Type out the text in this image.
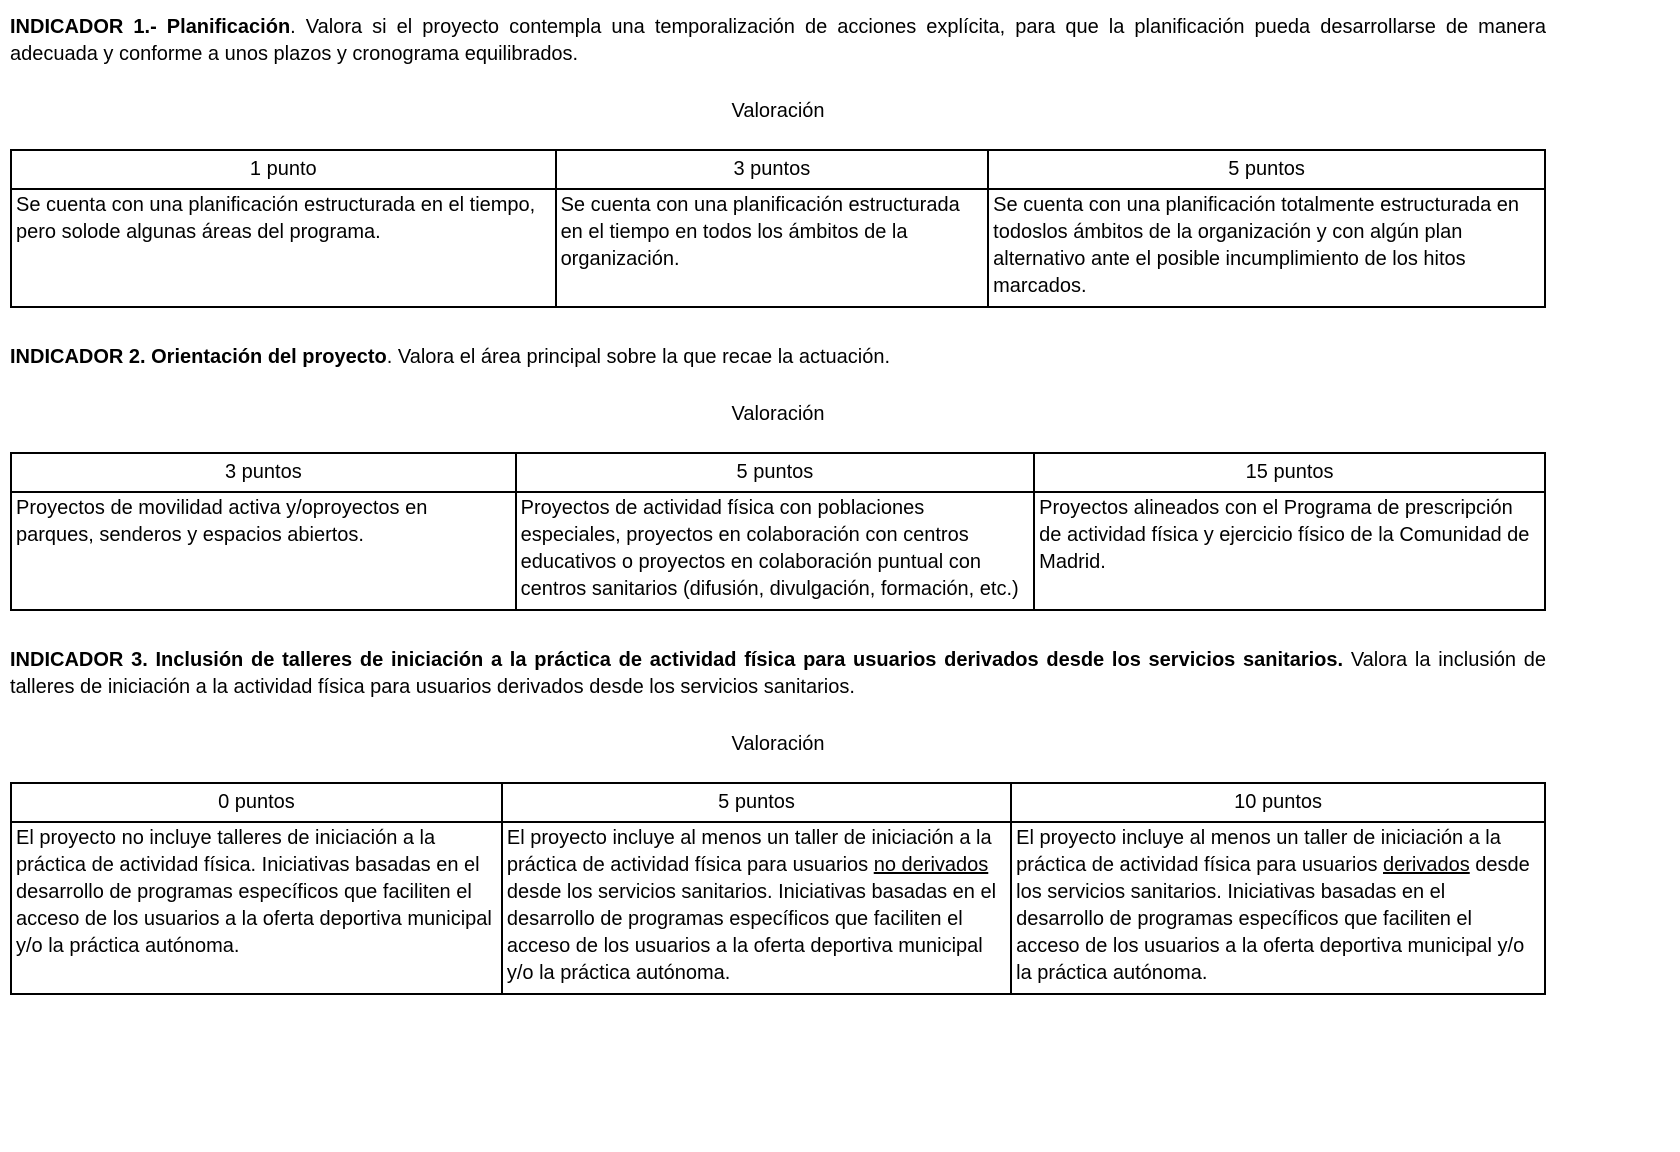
INDICADOR 1.- Planificación. Valora si el proyecto contempla una temporalización de acciones explícita, para que la planificación pueda desarrollarse de manera adecuada y conforme a unos plazos y cronograma equilibrados.

Valoración

1 punto	3 puntos	5 puntos
Se cuenta con una planificación estructurada en el tiempo, pero solode algunas áreas del programa.	Se cuenta con una planificación estructurada en el tiempo en todos los ámbitos de la organización.	Se cuenta con una planificación totalmente estructurada en todoslos ámbitos de la organización y con algún plan alternativo ante el posible incumplimiento de los hitos marcados.

INDICADOR 2. Orientación del proyecto. Valora el área principal sobre la que recae la actuación.

Valoración

3 puntos	5 puntos	15 puntos
Proyectos de movilidad activa y/oproyectos en parques, senderos y espacios abiertos.	Proyectos de actividad física con poblaciones especiales, proyectos en colaboración con centros educativos o proyectos en colaboración puntual con centros sanitarios (difusión, divulgación, formación, etc.)	Proyectos alineados con el Programa de prescripción de actividad física y ejercicio físico de la Comunidad de Madrid.

INDICADOR 3. Inclusión de talleres de iniciación a la práctica de actividad física para usuarios derivados desde los servicios sanitarios. Valora la inclusión de talleres de iniciación a la actividad física para usuarios derivados desde los servicios sanitarios.

Valoración

0 puntos	5 puntos	10 puntos
El proyecto no incluye talleres de iniciación a la práctica de actividad física. Iniciativas basadas en el desarrollo de programas específicos que faciliten el acceso de los usuarios a la oferta deportiva municipal y/o la práctica autónoma.	El proyecto incluye al menos un taller de iniciación a la práctica de actividad física para usuarios no derivados desde los servicios sanitarios. Iniciativas basadas en el desarrollo de programas específicos que faciliten el acceso de los usuarios a la oferta deportiva municipal y/o la práctica autónoma.	El proyecto incluye al menos un taller de iniciación a la práctica de actividad física para usuarios derivados desde los servicios sanitarios. Iniciativas basadas en el desarrollo de programas específicos que faciliten el acceso de los usuarios a la oferta deportiva municipal y/o la práctica autónoma.
